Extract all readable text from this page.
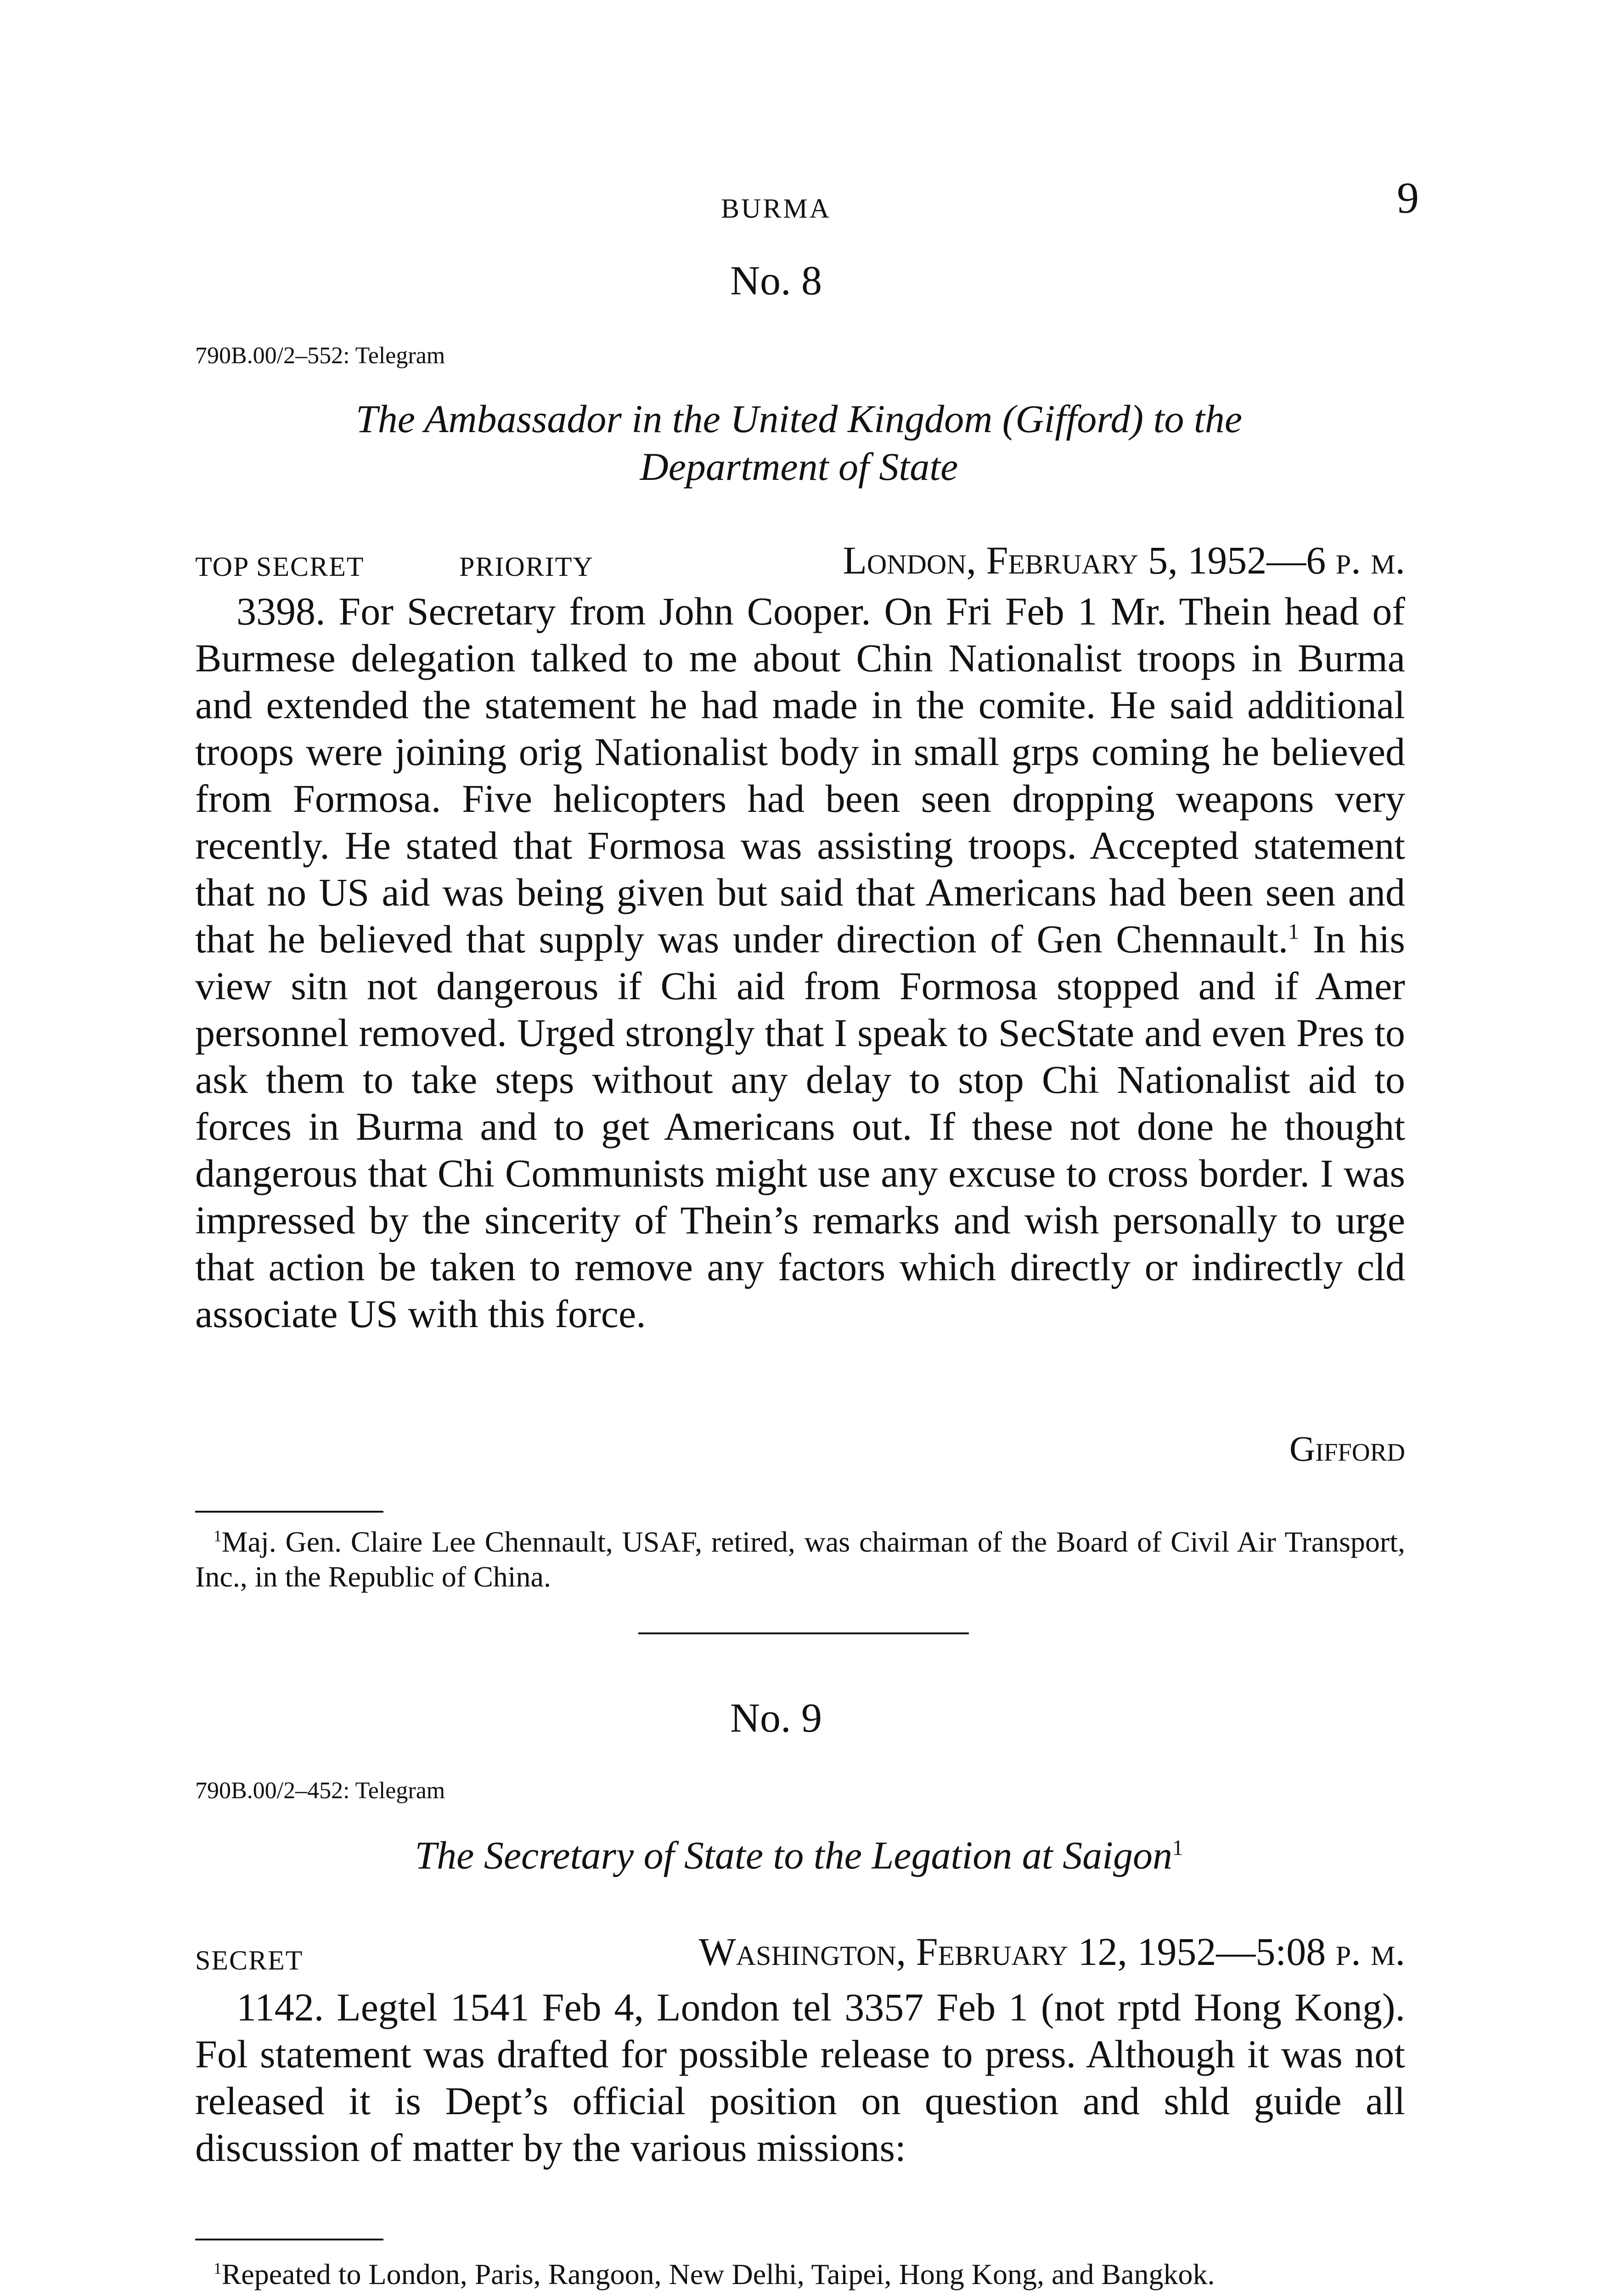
BURMA	9
No. 8
790B.00/2–552: Telegram
The Ambassador in the United Kingdom (Gifford) to the
Department of State
TOP SECRET	PRIORITY	London, February 5, 1952—6 p. m.
3398. For Secretary from John Cooper. On Fri Feb 1 Mr. Thein head of Burmese delegation talked to me about Chin Nationalist troops in Burma and extended the statement he had made in the comite. He said additional troops were joining orig Nationalist body in small grps coming he believed from Formosa. Five helicopters had been seen dropping weapons very recently. He stated that Formosa was assisting troops. Accepted statement that no US aid was being given but said that Americans had been seen and that he believed that supply was under direction of Gen Chennault.$^1$ In his view sitn not dangerous if Chi aid from Formosa stopped and if Amer personnel removed. Urged strongly that I speak to SecState and even Pres to ask them to take steps without any delay to stop Chi Nationalist aid to forces in Burma and to get Americans out. If these not done he thought dangerous that Chi Communists might use any excuse to cross border. I was impressed by the sincerity of Thein’s remarks and wish personally to urge that action be taken to remove any factors which directly or indirectly cld associate US with this force.
Gifford
$^1$Maj. Gen. Claire Lee Chennault, USAF, retired, was chairman of the Board of Civil Air Transport, Inc., in the Republic of China.
No. 9
790B.00/2–452: Telegram
The Secretary of State to the Legation at Saigon$^1$
SECRET	Washington, February 12, 1952—5:08 p. m.
1142. Legtel 1541 Feb 4, London tel 3357 Feb 1 (not rptd Hong Kong). Fol statement was drafted for possible release to press. Although it was not released it is Dept’s official position on question and shld guide all discussion of matter by the various missions:
$^1$Repeated to London, Paris, Rangoon, New Delhi, Taipei, Hong Kong, and Bangkok.
